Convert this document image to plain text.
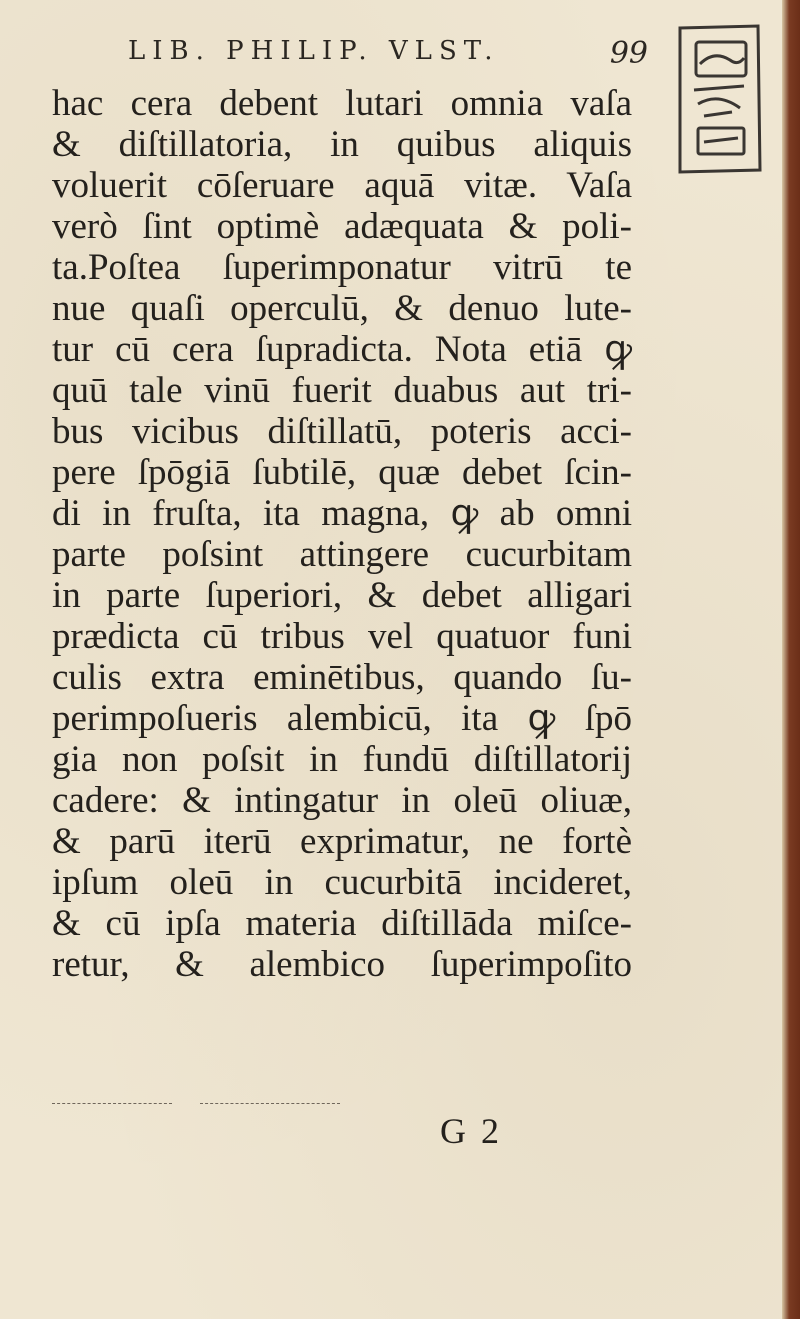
LIB. PHILIP. VLST.	99
hac cera debent lutari omnia vaſa
& diſtillatoria, in quibus aliquis
voluerit cōſeruare aquā vitæ. Vaſa
verò ſint optimè adæquata & poli-
ta.Poſtea ſuperimponatur vitrū te
nue quaſi operculū, & denuo lute-
tur cū cera ſupradicta. Nota etiā ꝙ
quū tale vinū fuerit duabus aut tri-
bus vicibus diſtillatū, poteris acci-
pere ſpōgiā ſubtilē, quæ debet ſcin-
di in fruſta, ita magna, ꝙ ab omni
parte poſsint attingere cucurbitam
in parte ſuperiori, & debet alligari
prædicta cū tribus vel quatuor funi
culis extra eminētibus, quando ſu-
perimpoſueris alembicū, ita ꝙ ſpō
gia non poſsit in fundū diſtillatorij
cadere: & intingatur in oleū oliuæ,
& parū iterū exprimatur, ne fortè
ipſum oleū in cucurbitā incideret,
& cū ipſa materia diſtillāda miſce-
retur, & alembico ſuperimpoſito
G 2
